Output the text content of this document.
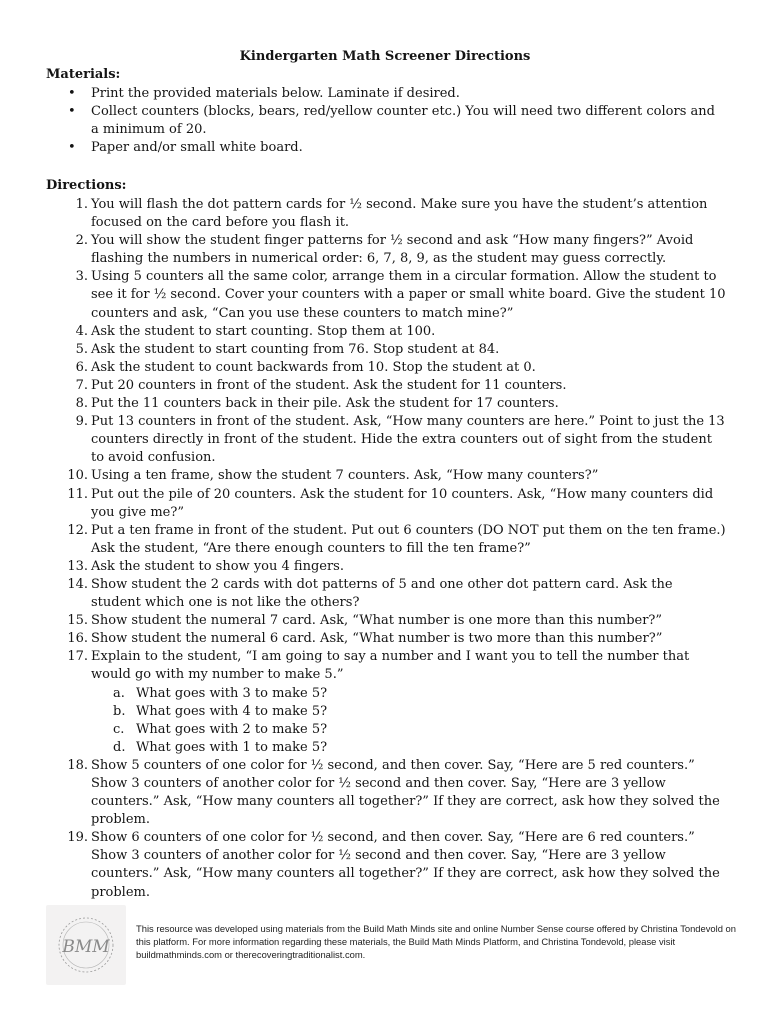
Kindergarten Math Screener Directions
Materials:
• Print the provided materials below. Laminate if desired.
• Collect counters (blocks, bears, red/yellow counter etc.) You will need two different colors and a minimum of 20.
• Paper and/or small white board.
Directions:
1. You will flash the dot pattern cards for ½ second. Make sure you have the student’s attention focused on the card before you flash it.
2. You will show the student finger patterns for ½ second and ask “How many fingers?” Avoid flashing the numbers in numerical order: 6, 7, 8, 9, as the student may guess correctly.
3. Using 5 counters all the same color, arrange them in a circular formation. Allow the student to see it for ½ second. Cover your counters with a paper or small white board. Give the student 10 counters and ask, “Can you use these counters to match mine?”
4. Ask the student to start counting. Stop them at 100.
5. Ask the student to start counting from 76. Stop student at 84.
6. Ask the student to count backwards from 10. Stop the student at 0.
7. Put 20 counters in front of the student. Ask the student for 11 counters.
8. Put the 11 counters back in their pile. Ask the student for 17 counters.
9. Put 13 counters in front of the student. Ask, “How many counters are here.” Point to just the 13 counters directly in front of the student. Hide the extra counters out of sight from the student to avoid confusion.
10. Using a ten frame, show the student 7 counters. Ask, “How many counters?”
11. Put out the pile of 20 counters. Ask the student for 10 counters. Ask, “How many counters did you give me?”
12. Put a ten frame in front of the student. Put out 6 counters (DO NOT put them on the ten frame.) Ask the student, “Are there enough counters to fill the ten frame?”
13. Ask the student to show you 4 fingers.
14. Show student the 2 cards with dot patterns of 5 and one other dot pattern card. Ask the student which one is not like the others?
15. Show student the numeral 7 card. Ask, “What number is one more than this number?”
16. Show student the numeral 6 card. Ask, “What number is two more than this number?”
17. Explain to the student, “I am going to say a number and I want you to tell the number that would go with my number to make 5.”
a. What goes with 3 to make 5?
b. What goes with 4 to make 5?
c. What goes with 2 to make 5?
d. What goes with 1 to make 5?
18. Show 5 counters of one color for ½ second, and then cover. Say, “Here are 5 red counters.” Show 3 counters of another color for ½ second and then cover. Say, “Here are 3 yellow counters.” Ask, “How many counters all together?” If they are correct, ask how they solved the problem.
19. Show 6 counters of one color for ½ second, and then cover. Say, “Here are 6 red counters.” Show 3 counters of another color for ½ second and then cover. Say, “Here are 3 yellow counters.” Ask, “How many counters all together?” If they are correct, ask how they solved the problem.
BMM
This resource was developed using materials from the Build Math Minds site and online Number Sense course offered by Christina Tondevold on this platform. For more information regarding these materials, the Build Math Minds Platform, and Christina Tondevold, please visit buildmathminds.com or therecoveringtraditionalist.com.
